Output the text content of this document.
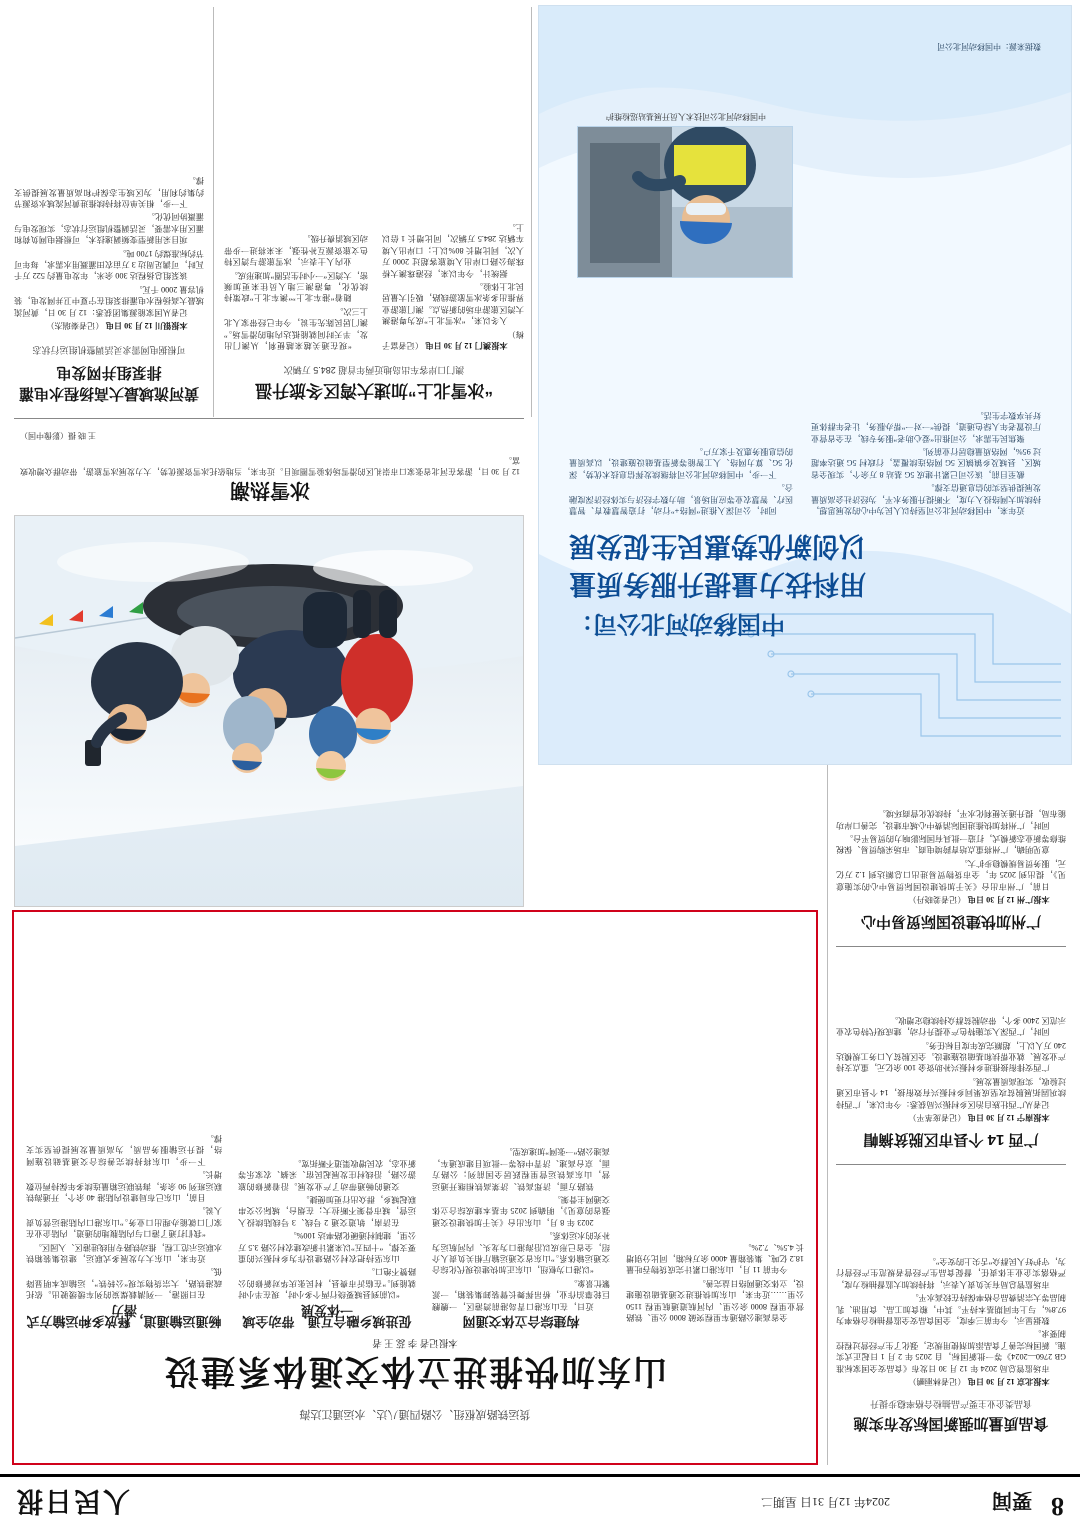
8
要闻
2024年 12月 31日 星期二
人民日报
山东加快推进立体交通体系建设
货运铁路成枢纽、公路四通八达、水运通江达海
本报记者 李 蕊 王 者

全省高速公路通车里程突破 8000 公里、铁路营业里程 8000 余公里、内河航道通航里程 1150 公里……近年来，山东加快推进交通基础设施建设，立体交通网络日益完善。

今年前 11 月，山东港口累计完成货物吞吐量 18.2 亿吨、集装箱量 4000 余万标箱，同比分别增长 4.5%、7.2%。

构建综合立体交通网

近日，在山东港口青岛港前湾港区，一艘艘巨轮靠泊作业，桥吊挥舞长臂装卸集装箱，一派繁忙景象。

“以港口为枢纽，山东正加快建设现代化综合交通运输体系。”山东省交通运输厅相关负责人介绍，全省已形成以沿海港口为龙头、内河航运为补充的水运体系。

2023 年 8 月，山东出台《关于加快建设交通强省的意见》，明确到 2025 年基本建成综合立体交通网主骨架。

铁路方面，济郑高铁、济莱高铁相继开通运营，山东高铁运营里程跃居全国前列；公路方面，京台高速、济青中线等一批项目建成通车，高速公路“一张网”加速成型。

促进城乡融合互通，带动全域一体发展

“以前到县城要绕行两个多小时，现在半小时就能到。”在临沂市费县，村民张庆华对新修的公路赞不绝口。

山东坚持把农村公路建设作为乡村振兴的重要支撑，“十四五”以来累计新改建农村公路 3.5 万公里，建制村通硬化路率达 100%。

在济南，轨道交通 2 号线、3 号线陆续投入运营，城市骨架不断拉大；在烟台，城际公交串联起城乡，群众出行更加便捷。

交通的畅通带动了产业发展。沿着新修的旅游公路，沿线村庄发展起民宿、采摘、农家乐等新业态，农民增收渠道不断拓宽。

畅通运输通道，释放多种运输方式潜力

在日照港，一列满载煤炭的列车缓缓驶出。依托疏港铁路，大宗货物实现“公转铁”，运输成本明显降低。

近年来，山东大力发展多式联运，建设集装箱铁水联运示范工程，推动铁路专用线进港区、入园区。

“我们打通了港口与内陆腹地的通道，内陆企业在家门口就能办理出口业务。”山东港口内陆港运营负责人说。

目前，山东已布局建设内陆港 40 余个，开通海铁联运班列 90 余条，海铁联运箱量连续多年保持两位数增长。

下一步，山东将持续完善综合交通基础设施网络，提升运输服务品质，为高质量发展提供坚实支撑。

食品质量加强新国标发布实施
食品类企业主要产品抽检合格率稳步提升

本报北京 12 月 30 日电 （记者林丽鹂）

市场监管总局 2024 年 12 月 30 日发布《食品安全国家标准 GB 2760—2024》等一批新国标，自 2025 年 2 月 1 日起正式实施。新国标完善了食品添加剂使用规定，强化了生产经营过程控制要求。

数据显示，今年前三季度，全国食品安全监督抽检合格率为 97.8%，与上年同期基本持平。其中，粮食加工品、食用油、乳制品等大宗消费品合格率保持在较高水平。

市场监管总局有关负责人表示，将持续加大监督抽检力度，严格落实企业主体责任，督促食品生产经营者规范生产经营行为，守护好人民群众“舌尖上的安全”。

广西 14 个县市区脱贫摘帽

本报南宁 12 月 30 日电 （记者庞革平）

记者从广西壮族自治区乡村振兴局获悉：今年以来，广西持续巩固拓展脱贫攻坚成果同乡村振兴有效衔接，14 个县市区通过验收，实现高质量发展。

广西安排衔接推进乡村振兴补助资金 100 余亿元，重点支持产业发展、就业帮扶和基础设施建设。全区脱贫人口务工规模达 240 万人以上，超额完成年度目标任务。

同时，广西深入实施特色产业提升行动，建成现代特色农业示范区 2400 多个，带动脱贫群众持续稳定增收。

广州加快建设国际贸易中心

本报广州 12 月 30 日电 （记者姜晓丹）

日前，广州市出台《关于加快建设国际贸易中心的实施意见》，提出到 2025 年，全市货物贸易进出口总额达到 1.2 万亿元，服务贸易规模稳步扩大。

意见明确，广州将重点培育跨境电商、市场采购贸易、保税维修等新业态新模式，打造一批具有国际影响力的贸易平台。

同时，广州将加快推进国际消费中心城市建设，完善口岸功能布局，提升通关便利化水平，持续优化营商环境。

冰雪热潮
12 月 30 日，游客在河北省张家口市崇礼区的滑雪场体验雪圈项目。近年来，当地依托冰雪资源优势，大力发展冰雪旅游，带动群众增收致富。
王 晓 摄（影像中国）
中国移动河北公司：
用科技力量提升服务质量
以创新优势惠民生促发展
中国移动河北公司技术人员开展基站巡检维护

近年来，中国移动河北公司坚持以人民为中心的发展思想，持续加大网络投入力度，不断提升服务水平，为经济社会高质量发展提供坚实的信息通信支撑。

截至目前，该公司已累计建成 5G 基站 8 万余个，实现全省城区、县城及乡镇镇区 5G 网络连续覆盖，行政村 5G 通达率超过 95%，网络质量稳居行业前列。

聚焦民生需求，公司推出“爱心助老”服务专线，在全省营业厅设置老年人绿色通道，提供“一对一”帮办服务，让老年群体更好共享数字生活。

同时，公司深入推进“网络+”行动，打造智慧教育、智慧医疗、智慧农业等应用场景，助力数字经济与实体经济深度融合。

下一步，中国移动河北公司将继续发挥信息技术优势，深化 5G、算力网络、人工智能等新型基础设施建设，以高质量的信息服务惠及千家万户。

数据来源：中国移动河北公司
“冰雪北上”加速大湾区冬旅升温
澳门口岸客车出岛地近两年首超 284.5 万辆次

本报澳门 12 月 30 日电 （记者富子梅）

入冬以来，“冰雪北上”成为粤港澳大湾区旅游市场的新热点。澳门旅游业界推出多条冰雪旅游线路，吸引大量居民北上体验。

据统计，今年以来，经港珠澳大桥珠海公路口岸出入境旅客超过 2000 万人次，同比增长 80%以上；口岸出入境车辆达 284.5 万辆次，同比增长 1 倍以上。

“现在通关越来越便利，从澳门出发，半天时间就能抵达内地的滑雪场。”澳门居民陈先生说，今年已经带家人北上三次。

随着“港车北上”“澳车北上”政策持续优化，粤港澳三地人员往来更加频密，大湾区“一小时生活圈”加速形成。

业内人士表示，冰雪旅游与湾区特色文旅资源互补性强，未来将进一步带动区域消费升级。

黄河流域最大高扬程水电灌排泵组并网发电
可根据电网需求灵活调整机组运行状态

本报银川 12 月 30 日电 （记者秦瑞杰）

记者从国家能源集团获悉：12 月 30 日，黄河流域最大高扬程水电灌排泵组在宁夏中卫并网发电，装机容量 2000 千瓦。

该泵组总扬程达 300 余米，年发电量约 522 万千瓦时，可满足周边 3 万亩农田灌溉用水需求，每年可节约标准煤约 1700 吨。

项目采用新型变频调速技术，可根据电网负荷和灌区用水需要，灵活调整机组运行状态，实现发电与灌溉协同优化。

下一步，相关单位将持续推进黄河流域水资源节约集约利用，为区域生态保护和高质量发展提供支撑。
